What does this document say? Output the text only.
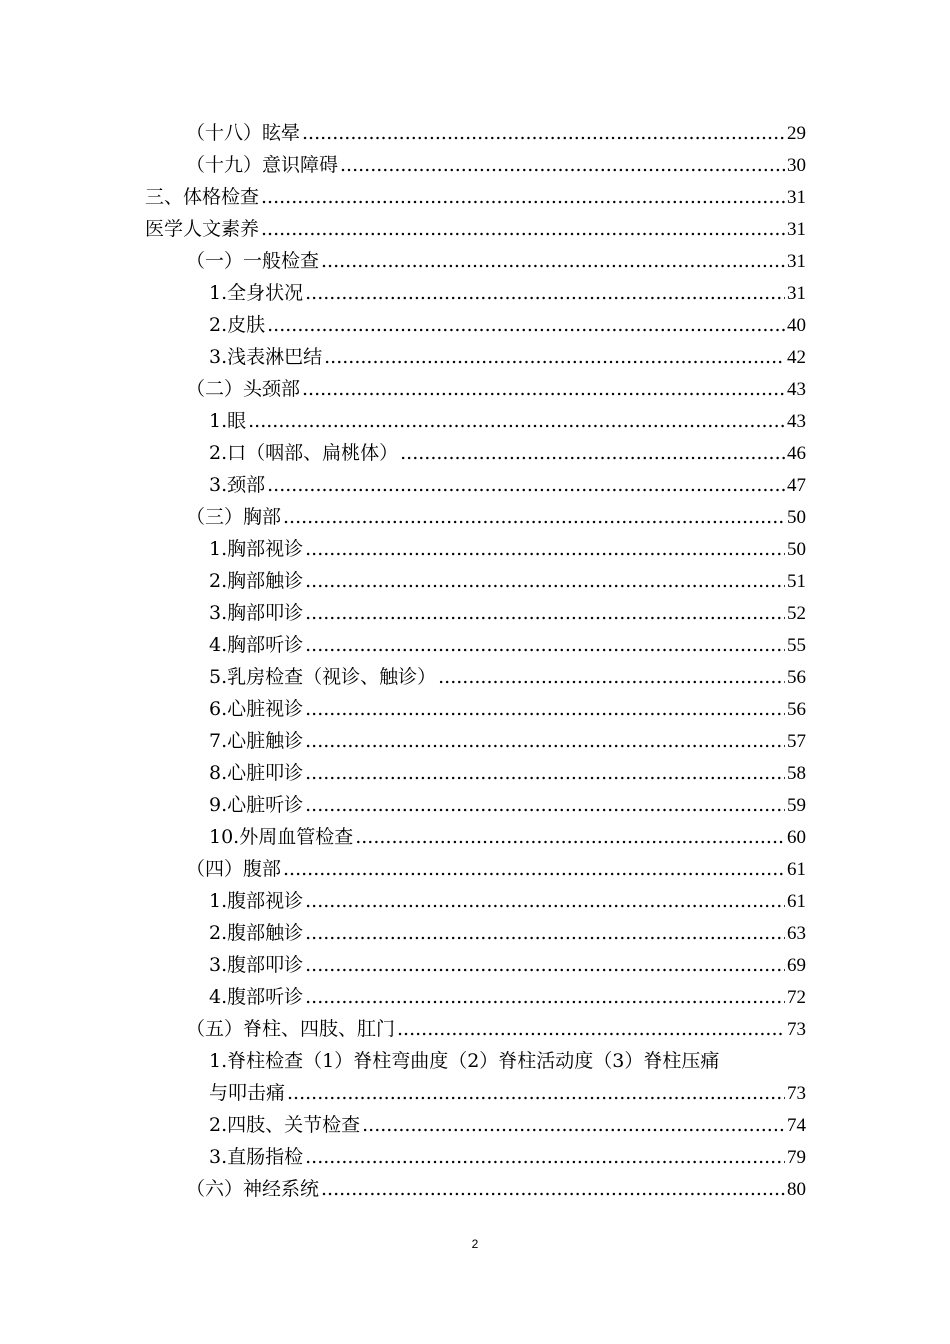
（十八）眩晕 .....	29
（十九）意识障碍 .....	30
三、体格检查 .....	31
医学人文素养 .....	31
（一）一般检查 .....	31
1.全身状况 .....	31
2.皮肤 .....	40
3.浅表淋巴结 .....	42
（二）头颈部 .....	43
1.眼 .....	43
2.口（咽部、扁桃体） .....	46
3.颈部 .....	47
（三）胸部 .....	50
1.胸部视诊 .....	50
2.胸部触诊 .....	51
3.胸部叩诊 .....	52
4.胸部听诊 .....	55
5.乳房检查（视诊、触诊） .....	56
6.心脏视诊 .....	56
7.心脏触诊 .....	57
8.心脏叩诊 .....	58
9.心脏听诊 .....	59
10.外周血管检查 .....	60
（四）腹部 .....	61
1.腹部视诊 .....	61
2.腹部触诊 .....	63
3.腹部叩诊 .....	69
4.腹部听诊 .....	72
（五）脊柱、四肢、肛门 .....	73
1.脊柱检查（1）脊柱弯曲度（2）脊柱活动度（3）脊柱压痛
与叩击痛 .....	73
2.四肢、关节检查 .....	74
3.直肠指检 .....	79
（六）神经系统 .....	80
2
